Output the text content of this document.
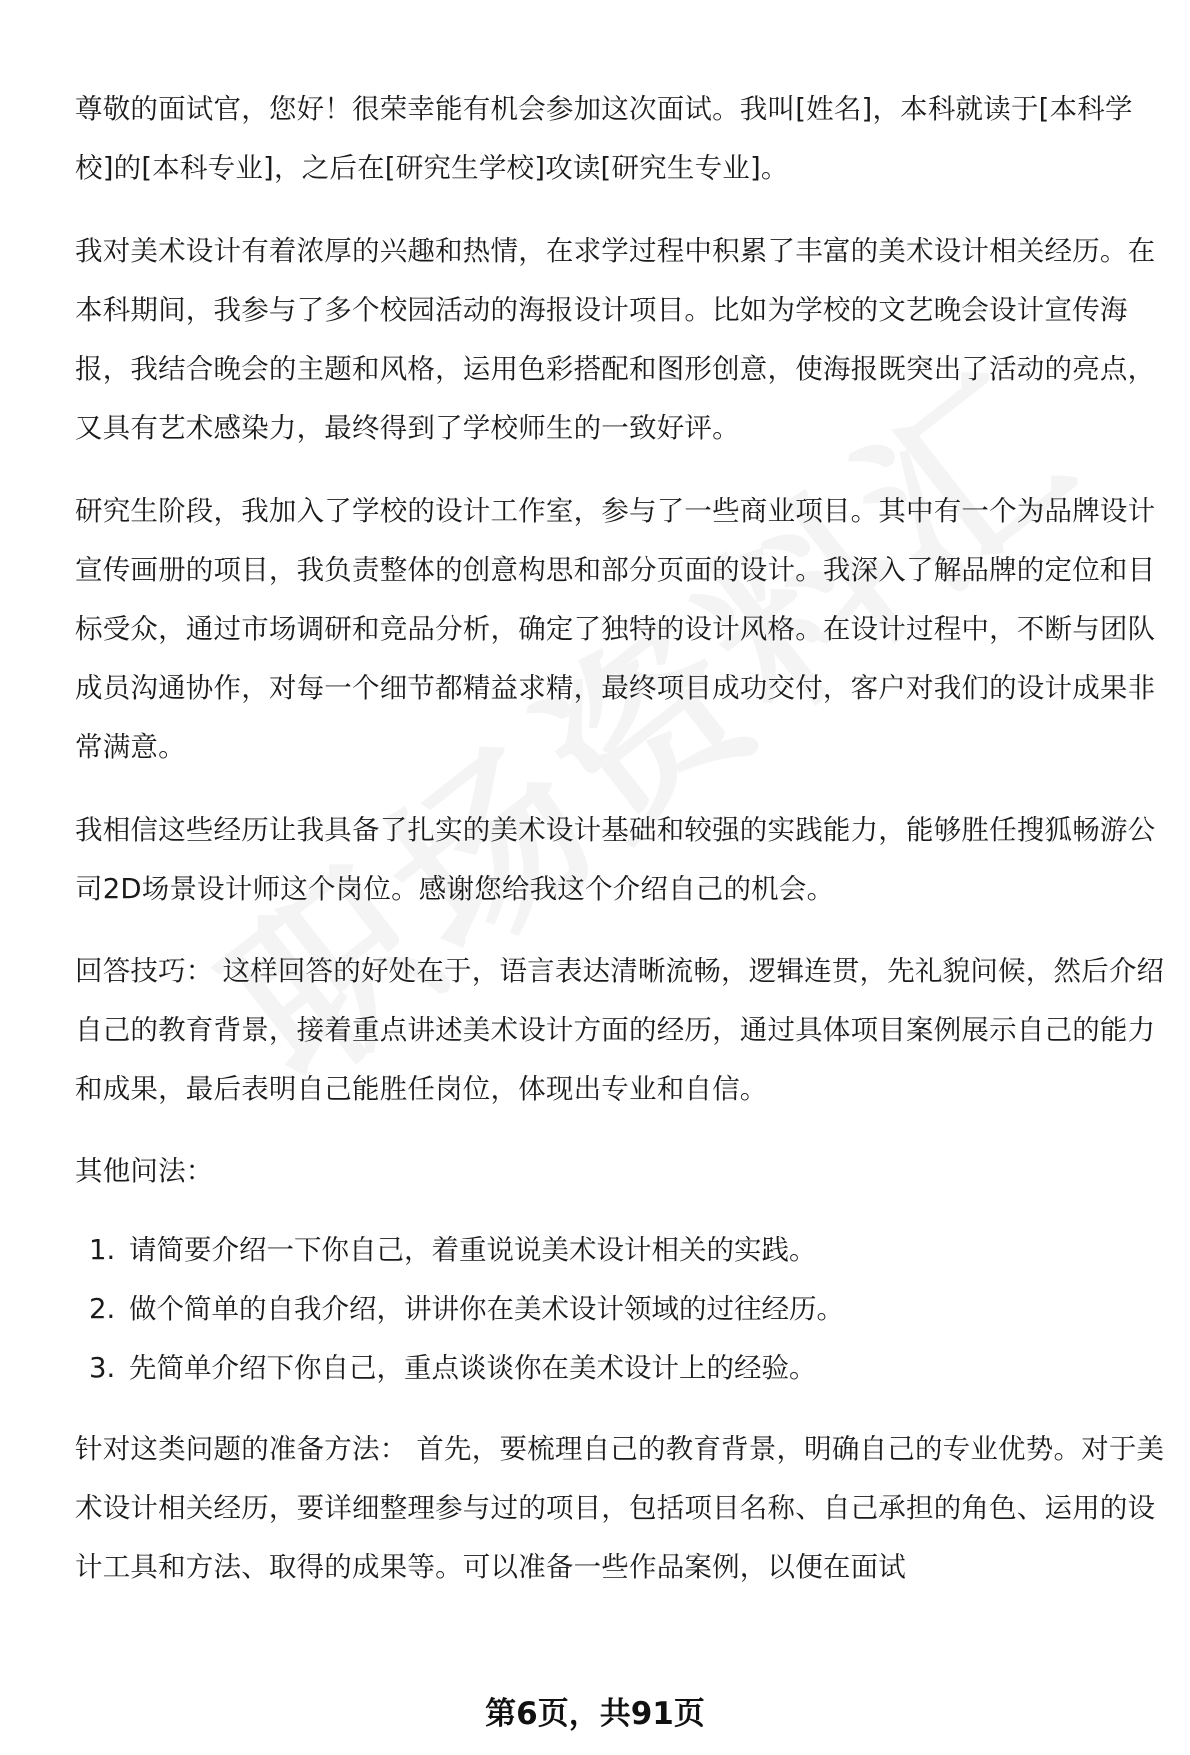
尊敬的面试官，您好！很荣幸能有机会参加这次面试。我叫[姓名]，本科就读于[本科学校]的[本科专业]，之后在[研究生学校]攻读[研究生专业]。

我对美术设计有着浓厚的兴趣和热情，在求学过程中积累了丰富的美术设计相关经历。在本科期间，我参与了多个校园活动的海报设计项目。比如为学校的文艺晚会设计宣传海报，我结合晚会的主题和风格，运用色彩搭配和图形创意，使海报既突出了活动的亮点，又具有艺术感染力，最终得到了学校师生的一致好评。

研究生阶段，我加入了学校的设计工作室，参与了一些商业项目。其中有一个为品牌设计宣传画册的项目，我负责整体的创意构思和部分页面的设计。我深入了解品牌的定位和目标受众，通过市场调研和竞品分析，确定了独特的设计风格。在设计过程中，不断与团队成员沟通协作，对每一个细节都精益求精，最终项目成功交付，客户对我们的设计成果非常满意。

我相信这些经历让我具备了扎实的美术设计基础和较强的实践能力，能够胜任搜狐畅游公司2D场景设计师这个岗位。感谢您给我这个介绍自己的机会。

回答技巧： 这样回答的好处在于，语言表达清晰流畅，逻辑连贯，先礼貌问候，然后介绍自己的教育背景，接着重点讲述美术设计方面的经历，通过具体项目案例展示自己的能力和成果，最后表明自己能胜任岗位，体现出专业和自信。

其他问法：

1. 请简要介绍一下你自己，着重说说美术设计相关的实践。
2. 做个简单的自我介绍，讲讲你在美术设计领域的过往经历。
3. 先简单介绍下你自己，重点谈谈你在美术设计上的经验。

针对这类问题的准备方法： 首先，要梳理自己的教育背景，明确自己的专业优势。对于美术设计相关经历，要详细整理参与过的项目，包括项目名称、自己承担的角色、运用的设计工具和方法、取得的成果等。可以准备一些作品案例，以便在面试

第6页，共91页
